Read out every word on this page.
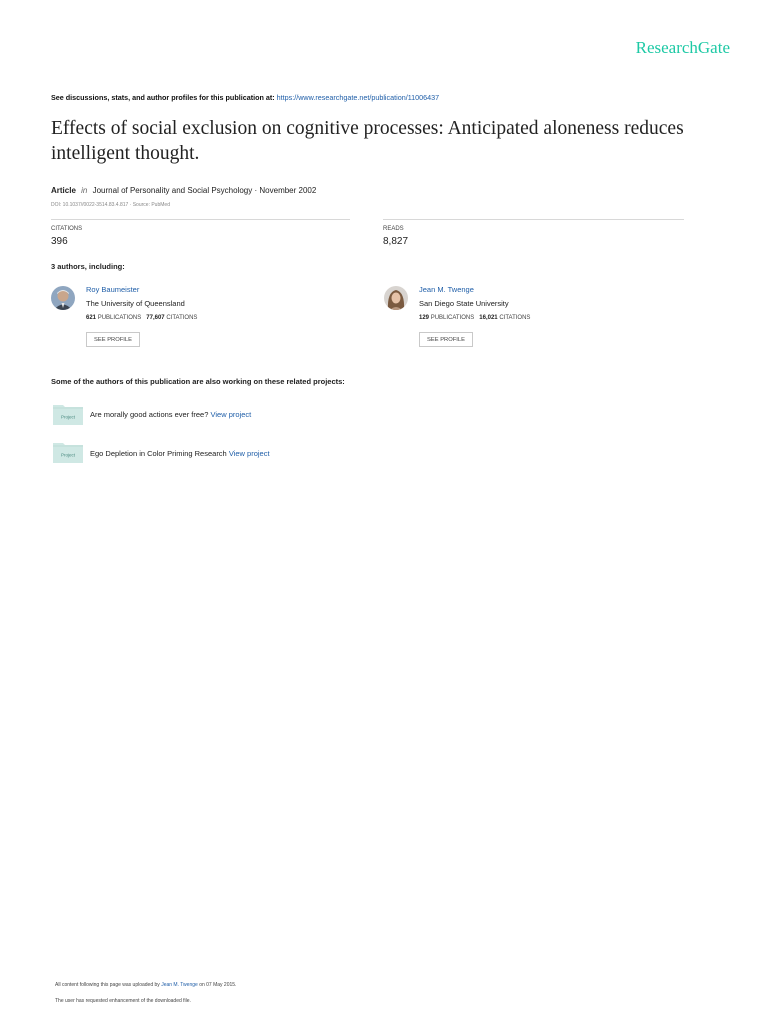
ResearchGate
See discussions, stats, and author profiles for this publication at: https://www.researchgate.net/publication/11006437
Effects of social exclusion on cognitive processes: Anticipated aloneness reduces intelligent thought.
Article in Journal of Personality and Social Psychology · November 2002
DOI: 10.1037//0022-3514.83.4.817 · Source: PubMed
CITATIONS
396
READS
8,827
3 authors, including:
Roy Baumeister
The University of Queensland
621 PUBLICATIONS 77,607 CITATIONS
SEE PROFILE
Jean M. Twenge
San Diego State University
129 PUBLICATIONS 16,021 CITATIONS
SEE PROFILE
Some of the authors of this publication are also working on these related projects:
Project Are morally good actions ever free? View project
Project Ego Depletion in Color Priming Research View project
All content following this page was uploaded by Jean M. Twenge on 07 May 2015.
The user has requested enhancement of the downloaded file.
